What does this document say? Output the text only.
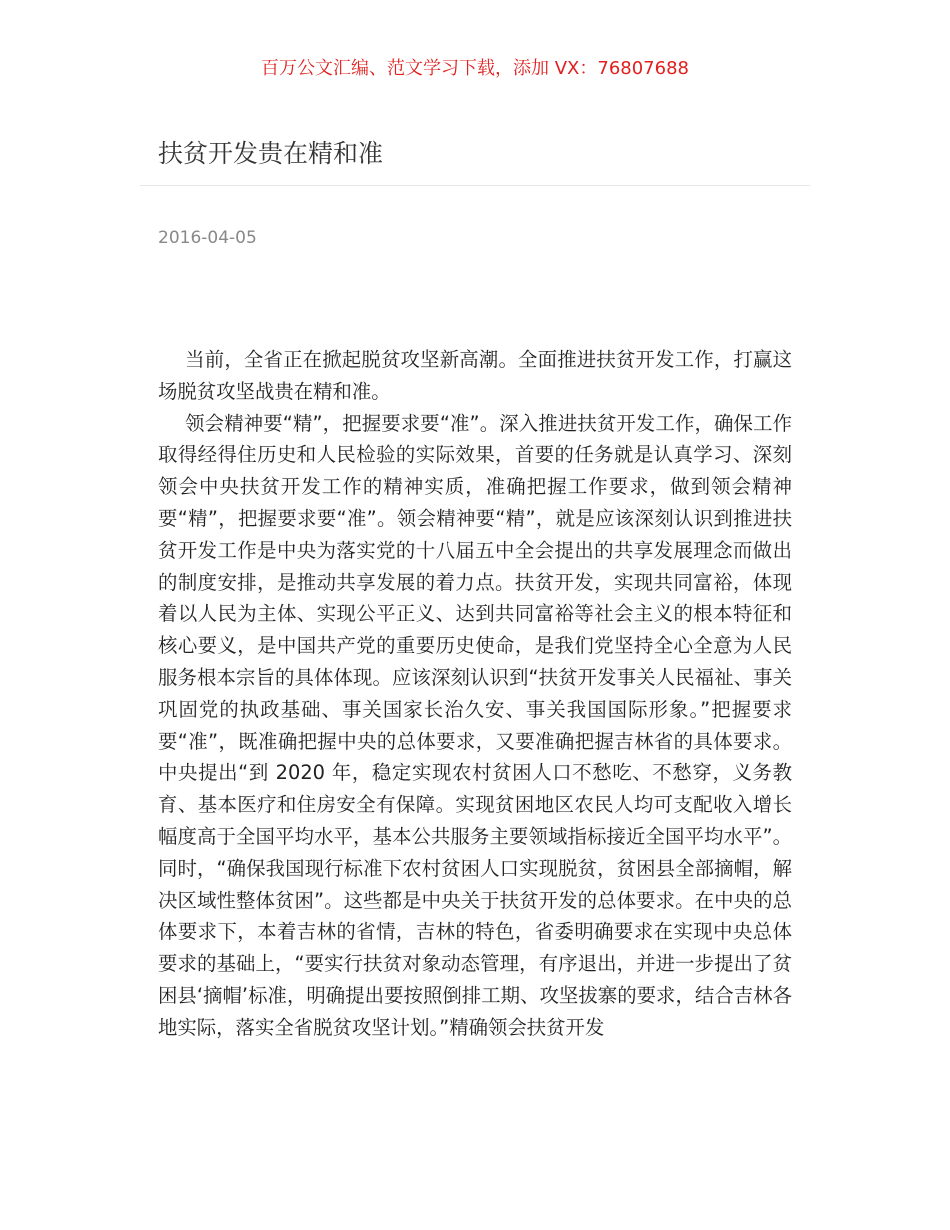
百万公文汇编、范文学习下载，添加 VX：76807688
扶贫开发贵在精和准
2016-04-05

当前，全省正在掀起脱贫攻坚新高潮。全面推进扶贫开发工作，打赢这场脱贫攻坚战贵在精和准。

领会精神要“精”，把握要求要“准”。深入推进扶贫开发工作，确保工作取得经得住历史和人民检验的实际效果，首要的任务就是认真学习、深刻领会中央扶贫开发工作的精神实质，准确把握工作要求，做到领会精神要“精”，把握要求要“准”。领会精神要“精”，就是应该深刻认识到推进扶贫开发工作是中央为落实党的十八届五中全会提出的共享发展理念而做出的制度安排，是推动共享发展的着力点。扶贫开发，实现共同富裕，体现着以人民为主体、实现公平正义、达到共同富裕等社会主义的根本特征和核心要义，是中国共产党的重要历史使命，是我们党坚持全心全意为人民服务根本宗旨的具体体现。应该深刻认识到“扶贫开发事关人民福祉、事关巩固党的执政基础、事关国家长治久安、事关我国国际形象。”把握要求要“准”，既准确把握中央的总体要求，又要准确把握吉林省的具体要求。中央提出“到 2020 年，稳定实现农村贫困人口不愁吃、不愁穿，义务教育、基本医疗和住房安全有保障。实现贫困地区农民人均可支配收入增长幅度高于全国平均水平，基本公共服务主要领域指标接近全国平均水平”。同时，“确保我国现行标准下农村贫困人口实现脱贫，贫困县全部摘帽，解决区域性整体贫困”。这些都是中央关于扶贫开发的总体要求。在中央的总体要求下，本着吉林的省情，吉林的特色，省委明确要求在实现中央总体要求的基础上，“要实行扶贫对象动态管理，有序退出，并进一步提出了贫困县‘摘帽’标准，明确提出要按照倒排工期、攻坚拔寨的要求，结合吉林各地实际，落实全省脱贫攻坚计划。”精确领会扶贫开发
